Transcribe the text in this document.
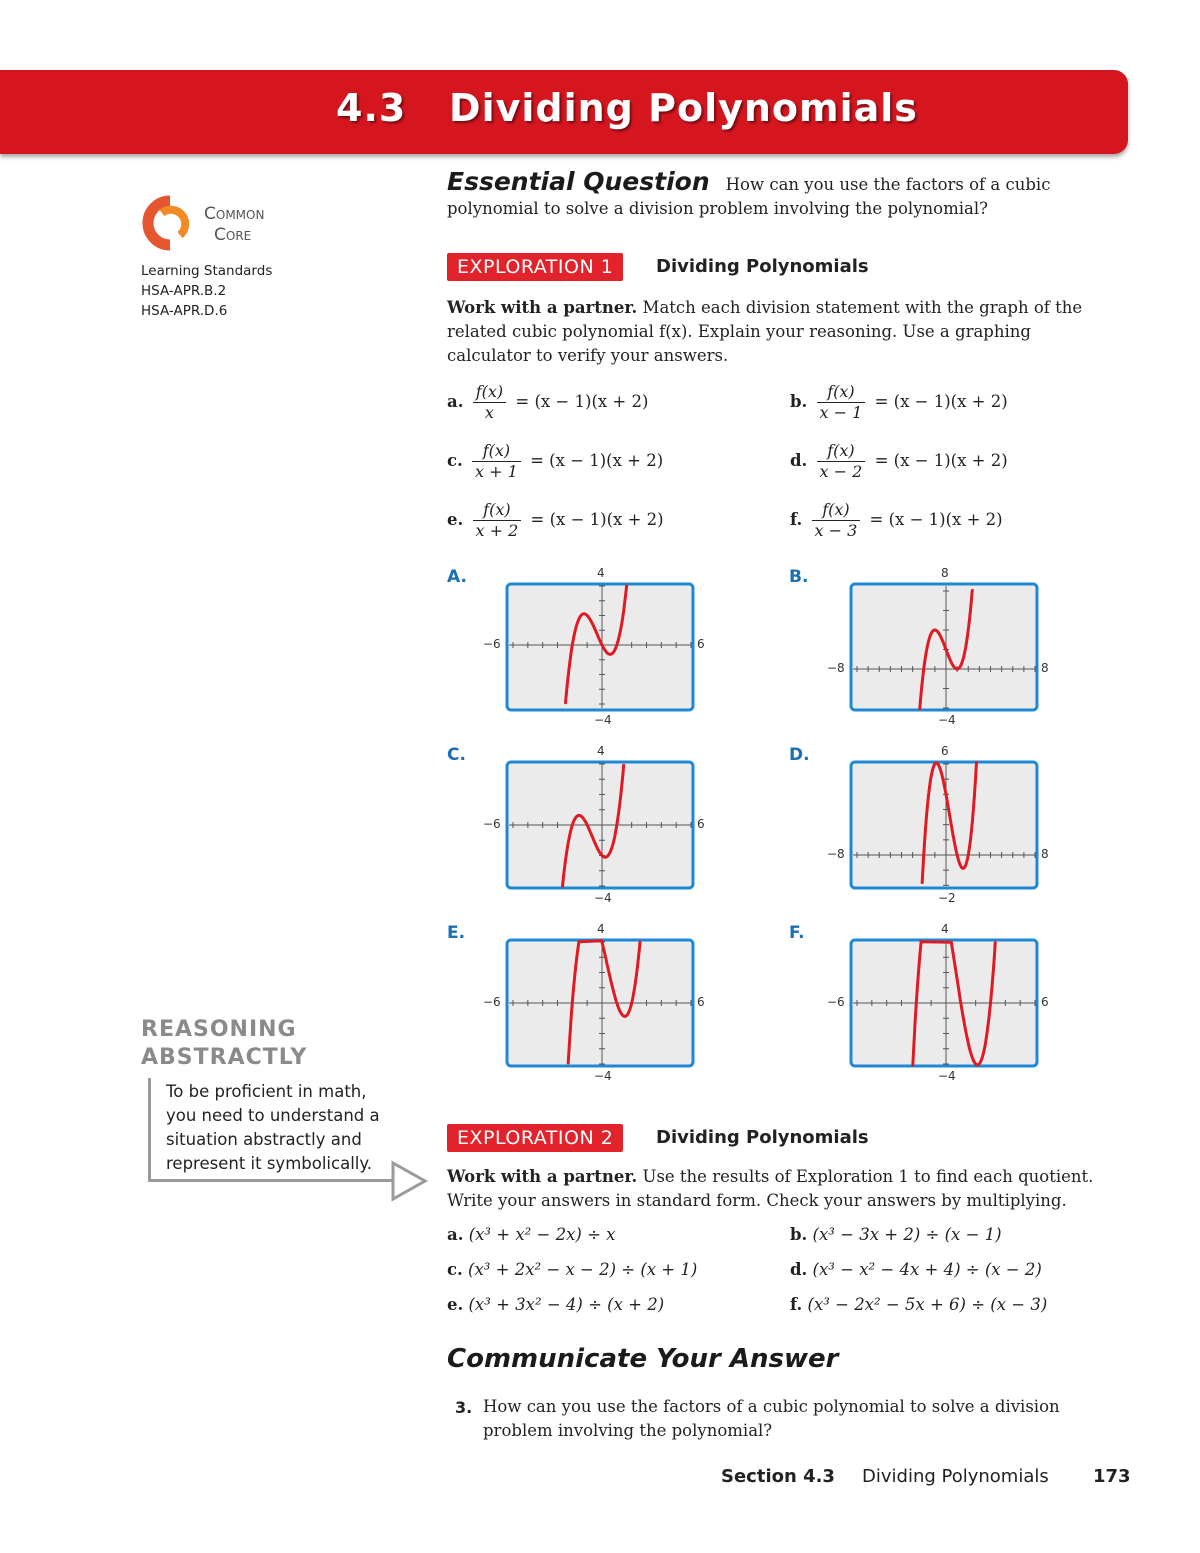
4.3 Dividing Polynomials
Common
Core
Learning Standards
HSA-APR.B.2
HSA-APR.D.6
Essential Question How can you use the factors of a cubic polynomial to solve a division problem involving the polynomial?
EXPLORATION 1	Dividing Polynomials
Work with a partner. Match each division statement with the graph of the related cubic polynomial f(x). Explain your reasoning. Use a graphing calculator to verify your answers.
a. $\frac{f(x)}{x} = (x - 1)(x + 2)$	b. $\frac{f(x)}{x - 1} = (x - 1)(x + 2)$
c. $\frac{f(x)}{x + 1} = (x - 1)(x + 2)$	d. $\frac{f(x)}{x - 2} = (x - 1)(x + 2)$
e. $\frac{f(x)}{x + 2} = (x - 1)(x + 2)$	f. $\frac{f(x)}{x - 3} = (x - 1)(x + 2)$
A.	4
−4
−6	6
B.	8
−4
−8	8
C.	4
−4
−6	6
D.	6
−2
−8	8
E.	4
−4
−6	6
F.	4
−4
−6	6
REASONING
ABSTRACTLY
To be proficient in math, you need to understand a situation abstractly and represent it symbolically.
EXPLORATION 2	Dividing Polynomials
Work with a partner. Use the results of Exploration 1 to find each quotient. Write your answers in standard form. Check your answers by multiplying.
a. (x³ + x² − 2x) ÷ x	b. (x³ − 3x + 2) ÷ (x − 1)
c. (x³ + 2x² − x − 2) ÷ (x + 1)	d. (x³ − x² − 4x + 4) ÷ (x − 2)
e. (x³ + 3x² − 4) ÷ (x + 2)	f. (x³ − 2x² − 5x + 6) ÷ (x − 3)
Communicate Your Answer
3. How can you use the factors of a cubic polynomial to solve a division problem involving the polynomial?
Section 4.3 Dividing Polynomials 173
